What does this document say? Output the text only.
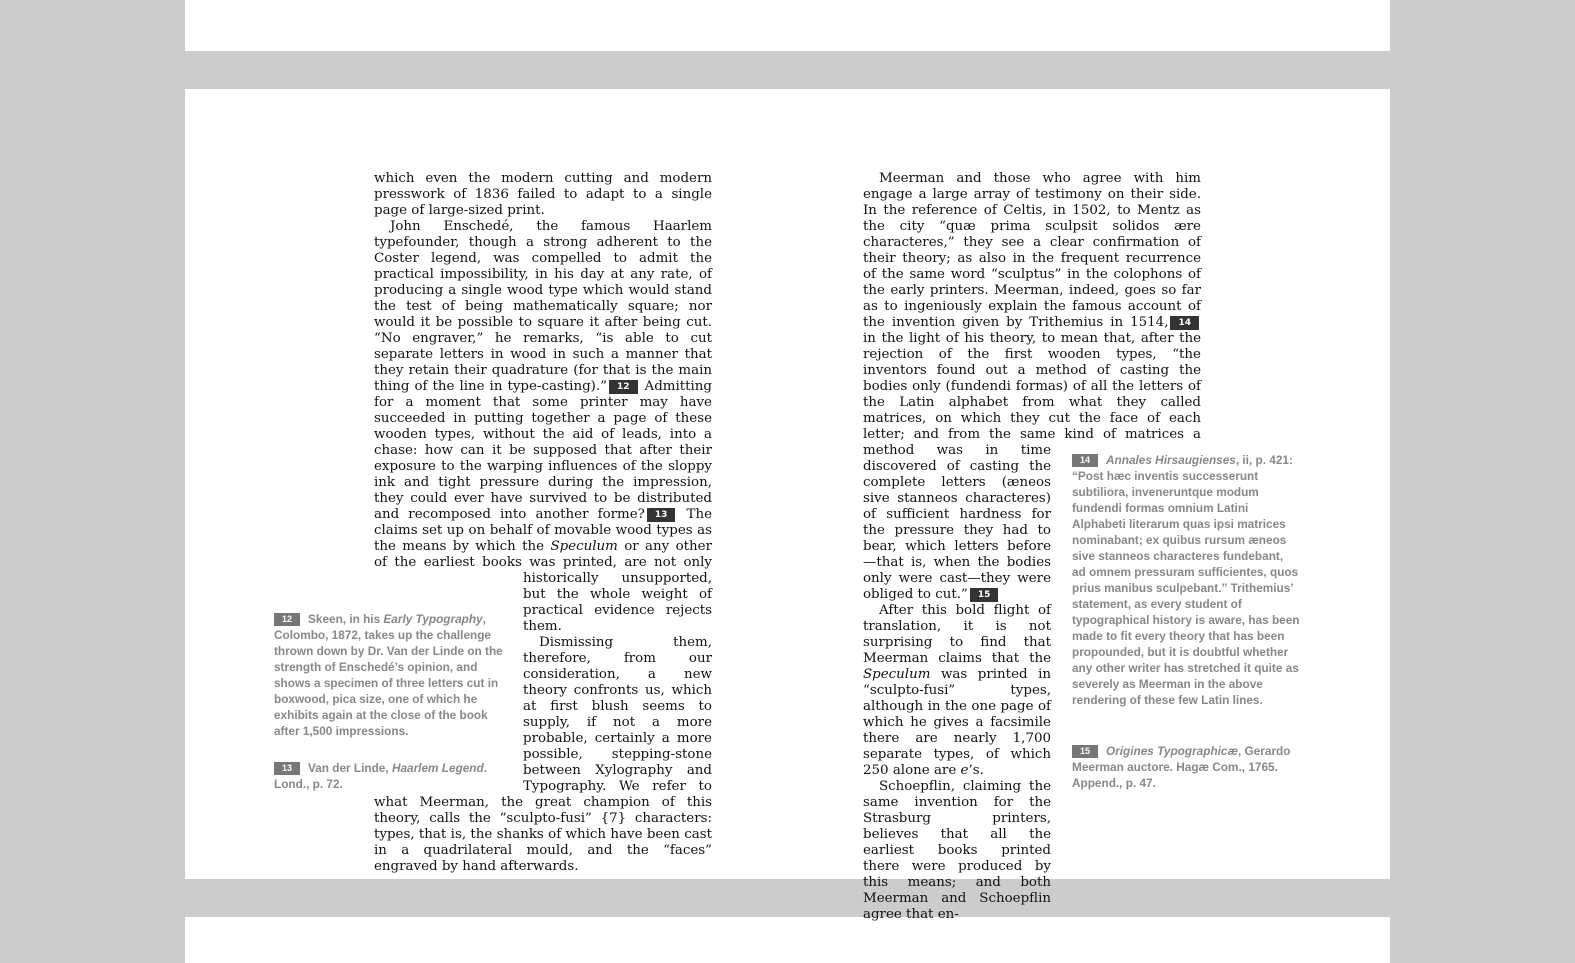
which even the modern cutting and modern presswork of 1836 failed to adapt to a single page of large-sized print.

John Enschedé, the famous Haarlem typefounder, though a strong adherent to the Coster legend, was compelled to admit the practical impossibility, in his day at any rate, of producing a single wood type which would stand the test of being mathematically square; nor would it be possible to square it after being cut. “No engraver,” he remarks, “is able to cut separate letters in wood in such a manner that they retain their quadrature (for that is the main thing of the line in type-casting).” 12 Admitting for a moment that some printer may have succeeded in putting together a page of these wooden types, without the aid of leads, into a chase: how can it be supposed that after their exposure to the warping influences of the sloppy ink and tight pressure during the impression, they could ever have survived to be distributed and recomposed into another forme? 13 The claims set up on behalf of movable wood types as the means by which the Speculum or any other of the earliest books was printed, are not only historically unsupported, but the whole weight of practical evidence rejects them.

Dismissing them, therefore, from our consideration, a new theory confronts us, which at first blush seems to supply, if not a more probable, certainly a more possible, stepping-stone between Xylography and Typography. We refer to what Meerman, the great champion of this theory, calls the “sculpto-fusi” {7} characters: types, that is, the shanks of which have been cast in a quadrilateral mould, and the “faces” engraved by hand afterwards.

Meerman and those who agree with him engage a large array of testimony on their side. In the reference of Celtis, in 1502, to Mentz as the city “quæ prima sculpsit solidos ære characteres,” they see a clear confirmation of their theory; as also in the frequent recurrence of the same word “sculptus” in the colophons of the early printers. Meerman, indeed, goes so far as to ingeniously explain the famous account of the invention given by Trithemius in 1514, 14 in the light of his theory, to mean that, after the rejection of the first wooden types, “the inventors found out a method of casting the bodies only (fundendi formas) of all the letters of the Latin alphabet from what they called matrices, on which they cut the face of each letter; and from the same kind of matrices a method was in time discovered of casting the complete letters (æneos sive stanneos characteres) of sufficient hardness for the pressure they had to bear, which letters before—that is, when the bodies only were cast—they were obliged to cut.” 15

After this bold flight of translation, it is not surprising to find that Meerman claims that the Speculum was printed in “sculpto-fusi” types, although in the one page of which he gives a facsimile there are nearly 1,700 separate types, of which 250 alone are e’s.

Schoepflin, claiming the same invention for the Strasburg printers, believes that all the earliest books printed there were produced by this means; and both Meerman and Schoepflin agree that en-

12 Skeen, in his Early Typography, Colombo, 1872, takes up the challenge thrown down by Dr. Van der Linde on the strength of Enschedé’s opinion, and shows a specimen of three letters cut in boxwood, pica size, one of which he exhibits again at the close of the book after 1,500 impressions.
13 Van der Linde, Haarlem Legend. Lond., p. 72.
14 Annales Hirsaugienses, ii, p. 421: “Post hæc inventis successerunt subtiliora, inveneruntque modum fundendi formas omnium Latini Alphabeti literarum quas ipsi matrices nominabant; ex quibus rursum æneos sive stanneos characteres fundebant, ad omnem pressuram sufficientes, quos prius manibus sculpebant.” Trithemius’ statement, as every student of typographical history is aware, has been made to fit every theory that has been propounded, but it is doubtful whether any other writer has stretched it quite as severely as Meerman in the above rendering of these few Latin lines.
15 Origines Typographicæ, Gerardo Meerman auctore. Hagæ Com., 1765. Append., p. 47.
